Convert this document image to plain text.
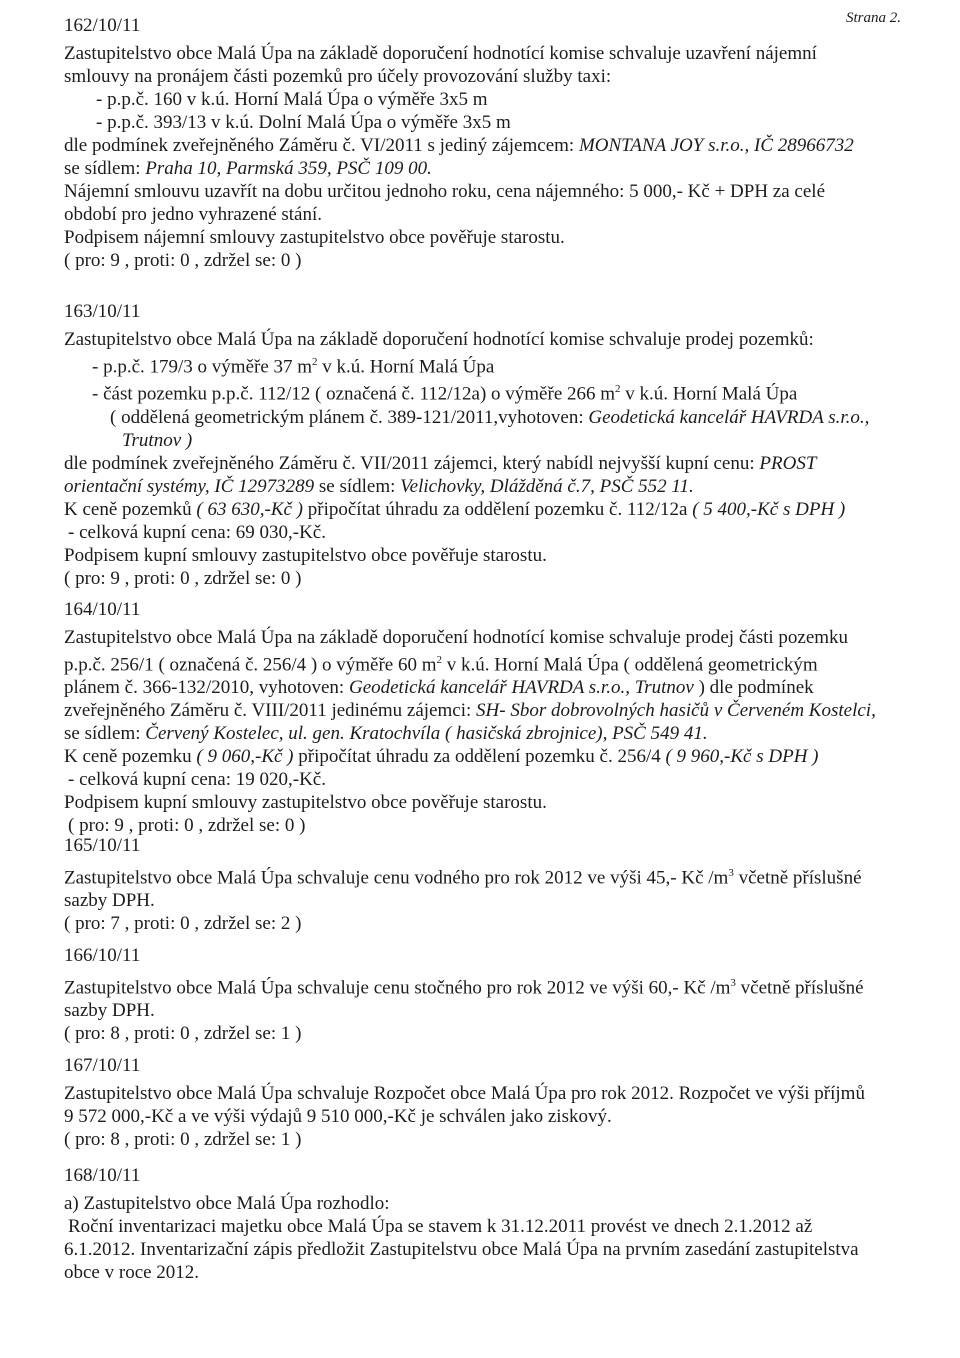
Strana 2.
162/10/11
Zastupitelstvo obce Malá Úpa na základě doporučení hodnotící komise schvaluje uzavření nájemní
smlouvy na pronájem části pozemků pro účely provozování služby taxi:
- p.p.č. 160 v k.ú. Horní Malá Úpa o výměře 3x5 m
- p.p.č. 393/13 v k.ú. Dolní Malá Úpa o výměře 3x5 m
dle podmínek zveřejněného Záměru č. VI/2011 s jediný zájemcem: MONTANA JOY s.r.o., IČ 28966732
se sídlem: Praha 10, Parmská 359, PSČ 109 00.
Nájemní smlouvu uzavřít na dobu určitou jednoho roku, cena nájemného: 5 000,- Kč + DPH za celé
období pro jedno vyhrazené stání.
Podpisem nájemní smlouvy zastupitelstvo obce pověřuje starostu.
( pro: 9 , proti: 0 , zdržel se: 0 )
163/10/11
Zastupitelstvo obce Malá Úpa na základě doporučení hodnotící komise schvaluje prodej pozemků:
- p.p.č. 179/3 o výměře 37 $m^2$ v k.ú. Horní Malá Úpa
- část pozemku p.p.č. 112/12 ( označená č. 112/12a) o výměře 266 $m^2$ v k.ú. Horní Malá Úpa
( oddělená geometrickým plánem č. 389-121/2011,vyhotoven: Geodetická kancelář HAVRDA s.r.o.,
Trutnov )
dle podmínek zveřejněného Záměru č. VII/2011 zájemci, který nabídl nejvyšší kupní cenu: PROST
orientační systémy, IČ 12973289 se sídlem: Velichovky, Dlážděná č.7, PSČ 552 11.
K ceně pozemků ( 63 630,-Kč ) připočítat úhradu za oddělení pozemku č. 112/12a ( 5 400,-Kč s DPH )
- celková kupní cena: 69 030,-Kč.
Podpisem kupní smlouvy zastupitelstvo obce pověřuje starostu.
( pro: 9 , proti: 0 , zdržel se: 0 )
164/10/11
Zastupitelstvo obce Malá Úpa na základě doporučení hodnotící komise schvaluje prodej části pozemku
p.p.č. 256/1 ( označená č. 256/4 ) o výměře 60 $m^2$ v k.ú. Horní Malá Úpa ( oddělená geometrickým
plánem č. 366-132/2010, vyhotoven: Geodetická kancelář HAVRDA s.r.o., Trutnov ) dle podmínek
zveřejněného Záměru č. VIII/2011 jedinému zájemci: SH- Sbor dobrovolných hasičů v Červeném Kostelci,
se sídlem: Červený Kostelec, ul. gen. Kratochvíla ( hasičská zbrojnice), PSČ 549 41.
K ceně pozemku ( 9 060,-Kč ) připočítat úhradu za oddělení pozemku č. 256/4 ( 9 960,-Kč s DPH )
- celková kupní cena: 19 020,-Kč.
Podpisem kupní smlouvy zastupitelstvo obce pověřuje starostu.
( pro: 9 , proti: 0 , zdržel se: 0 )
165/10/11
Zastupitelstvo obce Malá Úpa schvaluje cenu vodného pro rok 2012 ve výši 45,- Kč $/m^3$ včetně příslušné
sazby DPH.
( pro: 7 , proti: 0 , zdržel se: 2 )
166/10/11
Zastupitelstvo obce Malá Úpa schvaluje cenu stočného pro rok 2012 ve výši 60,- Kč $/m^3$ včetně příslušné
sazby DPH.
( pro: 8 , proti: 0 , zdržel se: 1 )
167/10/11
Zastupitelstvo obce Malá Úpa schvaluje Rozpočet obce Malá Úpa pro rok 2012. Rozpočet ve výši příjmů
9 572 000,-Kč a ve výši výdajů 9 510 000,-Kč je schválen jako ziskový.
( pro: 8 , proti: 0 , zdržel se: 1 )
168/10/11
a) Zastupitelstvo obce Malá Úpa rozhodlo:
Roční inventarizaci majetku obce Malá Úpa se stavem k 31.12.2011 provést ve dnech 2.1.2012 až
6.1.2012. Inventarizační zápis předložit Zastupitelstvu obce Malá Úpa na prvním zasedání zastupitelstva
obce v roce 2012.
